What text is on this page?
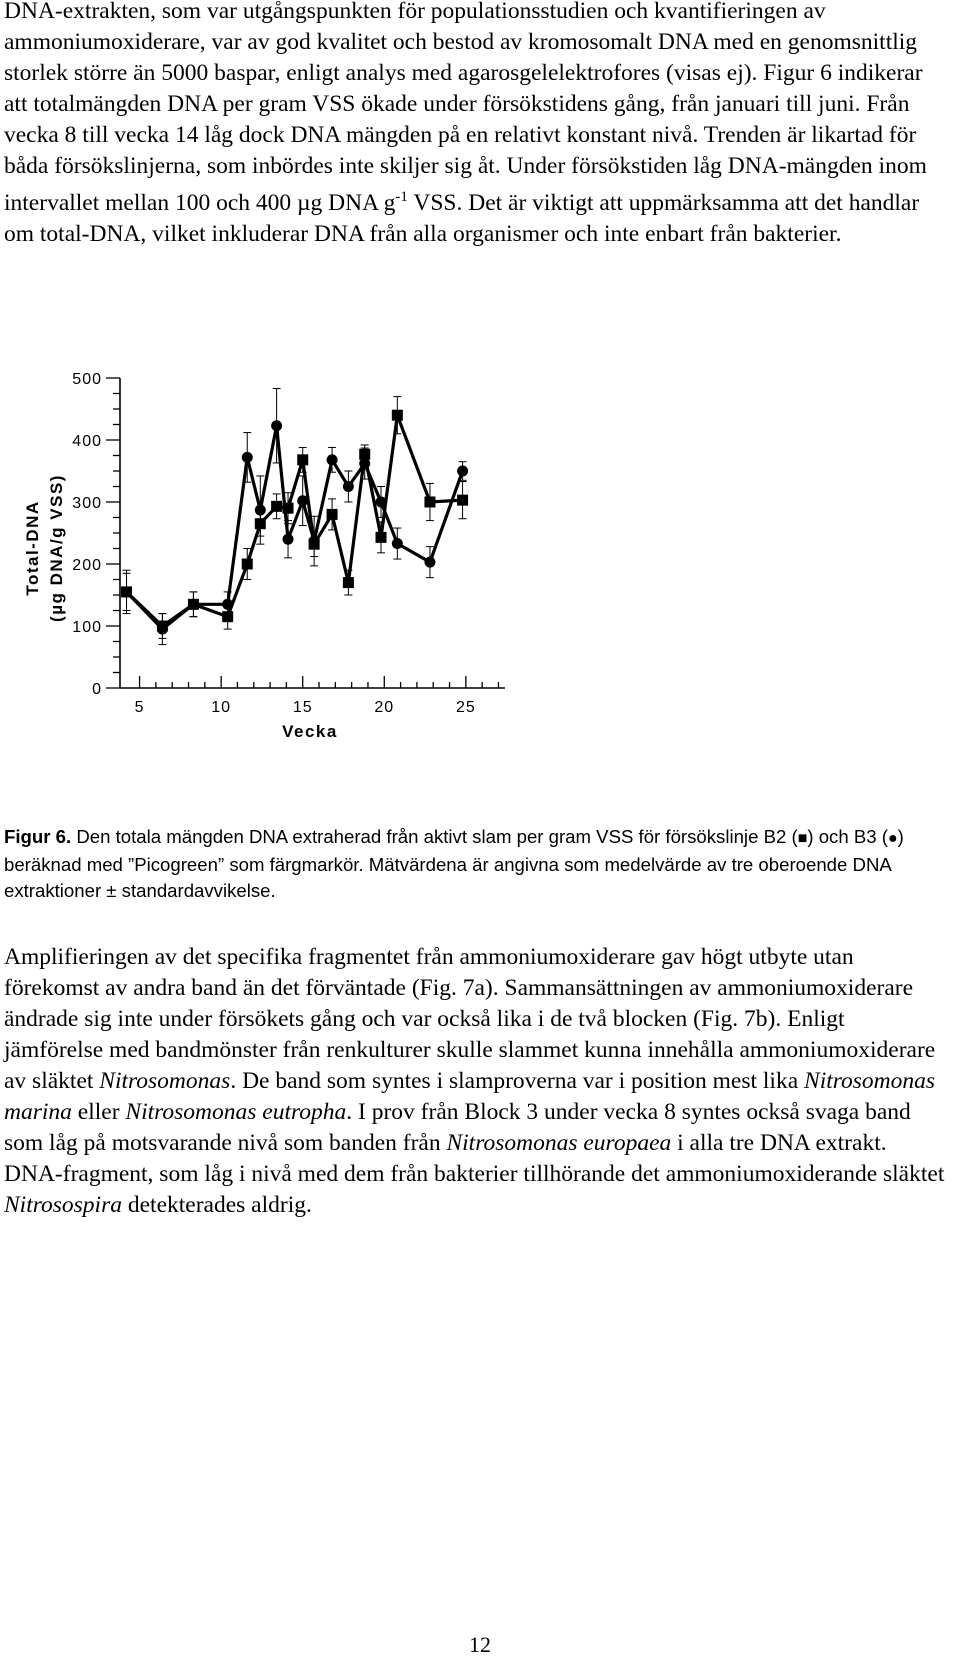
DNA-extrakten, som var utgångspunkten för populationsstudien och kvantifieringen av ammoniumoxiderare, var av god kvalitet och bestod av kromosomalt DNA med en genomsnittlig storlek större än 5000 baspar, enligt analys med agarosgelelektrofores (visas ej). Figur 6 indikerar att totalmängden DNA per gram VSS ökade under försökstidens gång, från januari till juni. Från vecka 8 till vecka 14 låg dock DNA mängden på en relativt konstant nivå. Trenden är likartad för båda försökslinjerna, som inbördes inte skiljer sig åt. Under försökstiden låg DNA-mängden inom intervallet mellan 100 och 400 µg DNA $g^{-1}$ VSS. Det är viktigt att uppmärksamma att det handlar om total-DNA, vilket inkluderar DNA från alla organismer och inte enbart från bakterier.

0
100
200
300
400
500
5	10	15	20	25
Total-DNA (µg DNA/g VSS)
Vecka

Figur 6. Den totala mängden DNA extraherad från aktivt slam per gram VSS för försökslinje B2 (■) och B3 (●) beräknad med ”Picogreen” som färgmarkör. Mätvärdena är angivna som medelvärde av tre oberoende DNA extraktioner ± standardavvikelse.

Amplifieringen av det specifika fragmentet från ammoniumoxiderare gav högt utbyte utan förekomst av andra band än det förväntade (Fig. 7a). Sammansättningen av ammoniumoxiderare ändrade sig inte under försökets gång och var också lika i de två blocken (Fig. 7b). Enligt jämförelse med bandmönster från renkulturer skulle slammet kunna innehålla ammoniumoxiderare av släktet Nitrosomonas. De band som syntes i slamproverna var i position mest lika Nitrosomonas marina eller Nitrosomonas eutropha. I prov från Block 3 under vecka 8 syntes också svaga band som låg på motsvarande nivå som banden från Nitrosomonas europaea i alla tre DNA extrakt. DNA-fragment, som låg i nivå med dem från bakterier tillhörande det ammoniumoxiderande släktet Nitrosospira detekterades aldrig.

12
